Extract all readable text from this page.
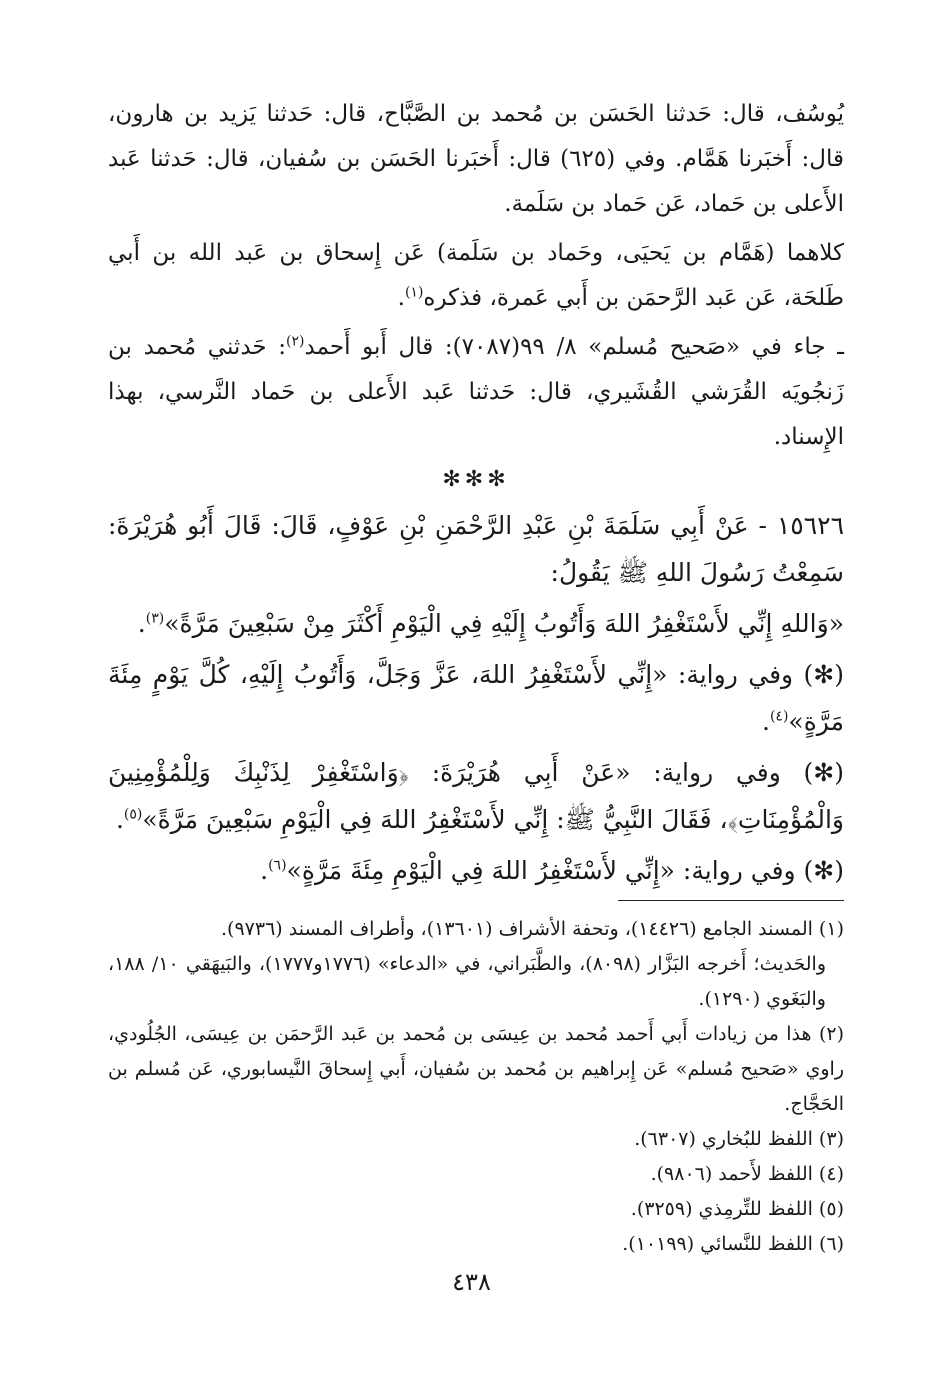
يُوسُف، قال: حَدثنا الحَسَن بن مُحمد بن الصَّبَّاح، قال: حَدثنا يَزيد بن هارون، قال: أَخبَرنا هَمَّام. وفي (٦٢٥) قال: أَخبَرنا الحَسَن بن سُفيان، قال: حَدثنا عَبد الأَعلى بن حَماد، عَن حَماد بن سَلَمة.

كلاهما (هَمَّام بن يَحيَى، وحَماد بن سَلَمة) عَن إِسحاق بن عَبد الله بن أَبي طَلحَة، عَن عَبد الرَّحمَن بن أَبي عَمرة، فذكره$^{(١)}$.

ـ جاء في «صَحيح مُسلم» ٨/ ٩٩(٧٠٨٧): قال أَبو أَحمد$^{(٢)}$: حَدثني مُحمد بن زَنجُويَه القُرَشي القُشَيري، قال: حَدثنا عَبد الأَعلى بن حَماد النَّرسي، بهذا الإِسناد.

✻✻✻

١٥٦٢٦ - عَنْ أَبِي سَلَمَةَ بْنِ عَبْدِ الرَّحْمَنِ بْنِ عَوْفٍ، قَالَ: قَالَ أَبُو هُرَيْرَةَ: سَمِعْتُ رَسُولَ اللهِ ﷺ يَقُولُ:

«وَاللهِ إِنِّي لأَسْتَغْفِرُ اللهَ وَأَتُوبُ إِلَيْهِ فِي الْيَوْمِ أَكْثَرَ مِنْ سَبْعِينَ مَرَّةً»$^{(٣)}$.

(✻) وفي رواية: «إِنِّي لأَسْتَغْفِرُ اللهَ، عَزَّ وَجَلَّ، وَأَتُوبُ إِلَيْهِ، كُلَّ يَوْمٍ مِئَةَ مَرَّةٍ»$^{(٤)}$.

(✻) وفي رواية: «عَنْ أَبِي هُرَيْرَةَ: ﴿وَاسْتَغْفِرْ لِذَنْبِكَ وَلِلْمُؤْمِنِينَ وَالْمُؤْمِنَاتِ﴾، فَقَالَ النَّبِيُّ ﷺ: إِنِّي لأَسْتَغْفِرُ اللهَ فِي الْيَوْمِ سَبْعِينَ مَرَّةً»$^{(٥)}$.

(✻) وفي رواية: «إِنِّي لأَسْتَغْفِرُ اللهَ فِي الْيَوْمِ مِئَةَ مَرَّةٍ»$^{(٦)}$.

(١) المسند الجامع (١٤٤٢٦)، وتحفة الأشراف (١٣٦٠١)، وأطراف المسند (٩٧٣٦).

والحَديث؛ أَخرجه البَزَّار (٨٠٩٨)، والطَّبَراني، في «الدعاء» (١٧٧٦و١٧٧٧)، والبَيهَقي ١٠/ ١٨٨، والبَغَوي (١٢٩٠).

(٢) هذا من زيادات أَبي أَحمد مُحمد بن عِيسَى بن مُحمد بن عَبد الرَّحمَن بن عِيسَى، الجُلُودي، راوي «صَحيح مُسلم» عَن إِبراهيم بن مُحمد بن سُفيان، أَبي إِسحاقَ النَّيسابوري، عَن مُسلم بن الحَجَّاج.

(٣) اللفظ للبُخاري (٦٣٠٧).

(٤) اللفظ لأَحمد (٩٨٠٦).

(٥) اللفظ للتِّرمِذي (٣٢٥٩).

(٦) اللفظ للنَّسائي (١٠١٩٩).

٤٣٨
